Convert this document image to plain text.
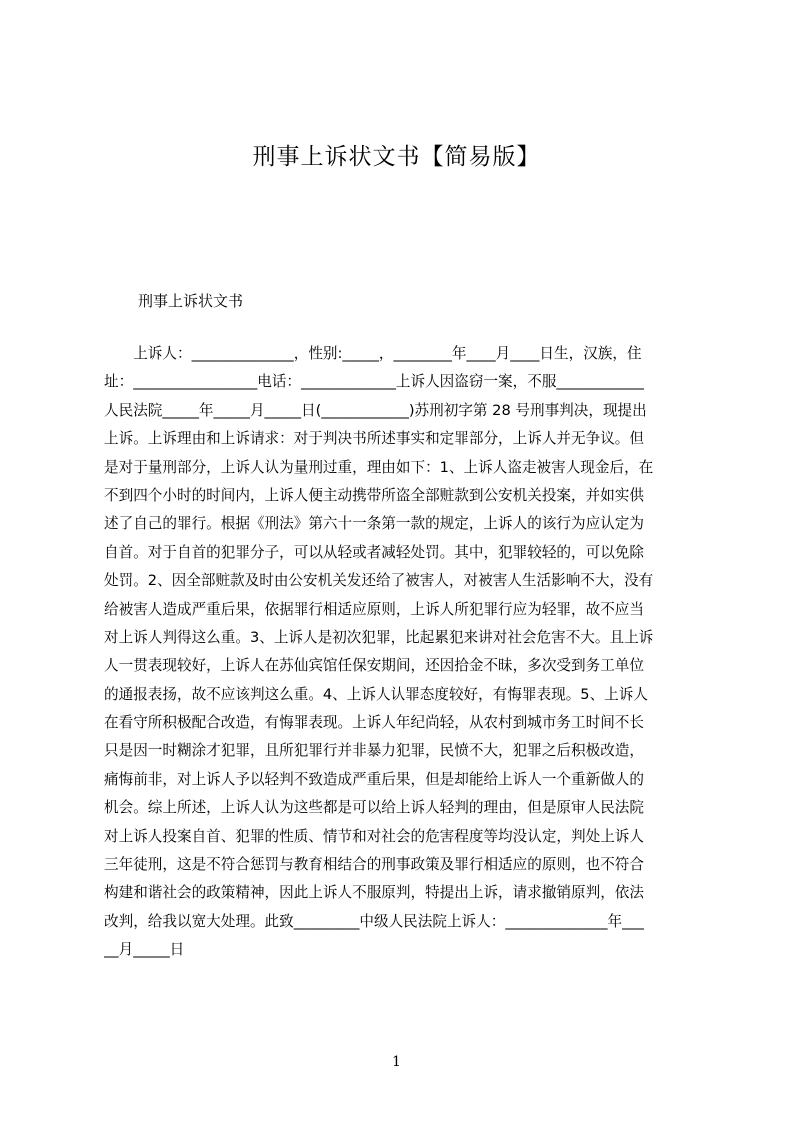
刑事上诉状文书【简易版】
刑事上诉状文书
　　上诉人：______________，性别:_____，________年____月____日生，汉族，住
址：_________________电话：_____________上诉人因盗窃一案，不服____________
人民法院_____年_____月_____日(____________)苏刑初字第 28 号刑事判决，现提出
上诉。上诉理由和上诉请求：对于判决书所述事实和定罪部分，上诉人并无争议。但
是对于量刑部分，上诉人认为量刑过重，理由如下：1、上诉人盗走被害人现金后，在
不到四个小时的时间内，上诉人便主动携带所盗全部赃款到公安机关投案，并如实供
述了自己的罪行。根据《刑法》第六十一条第一款的规定，上诉人的该行为应认定为
自首。对于自首的犯罪分子，可以从轻或者减轻处罚。其中，犯罪较轻的，可以免除
处罚。2、因全部赃款及时由公安机关发还给了被害人，对被害人生活影响不大，没有
给被害人造成严重后果，依据罪行相适应原则，上诉人所犯罪行应为轻罪，故不应当
对上诉人判得这么重。3、上诉人是初次犯罪，比起累犯来讲对社会危害不大。且上诉
人一贯表现较好，上诉人在苏仙宾馆任保安期间，还因拾金不昧，多次受到务工单位
的通报表扬，故不应该判这么重。4、上诉人认罪态度较好，有悔罪表现。5、上诉人
在看守所积极配合改造，有悔罪表现。上诉人年纪尚轻，从农村到城市务工时间不长
只是因一时糊涂才犯罪，且所犯罪行并非暴力犯罪，民愤不大，犯罪之后积极改造，
痛悔前非，对上诉人予以轻判不致造成严重后果，但是却能给上诉人一个重新做人的
机会。综上所述，上诉人认为这些都是可以给上诉人轻判的理由，但是原审人民法院
对上诉人投案自首、犯罪的性质、情节和对社会的危害程度等均没认定，判处上诉人
三年徒刑，这是不符合惩罚与教育相结合的刑事政策及罪行相适应的原则，也不符合
构建和谐社会的政策精神，因此上诉人不服原判，特提出上诉，请求撤销原判，依法
改判，给我以宽大处理。此致_________中级人民法院上诉人：______________年___
__月_____日
1
